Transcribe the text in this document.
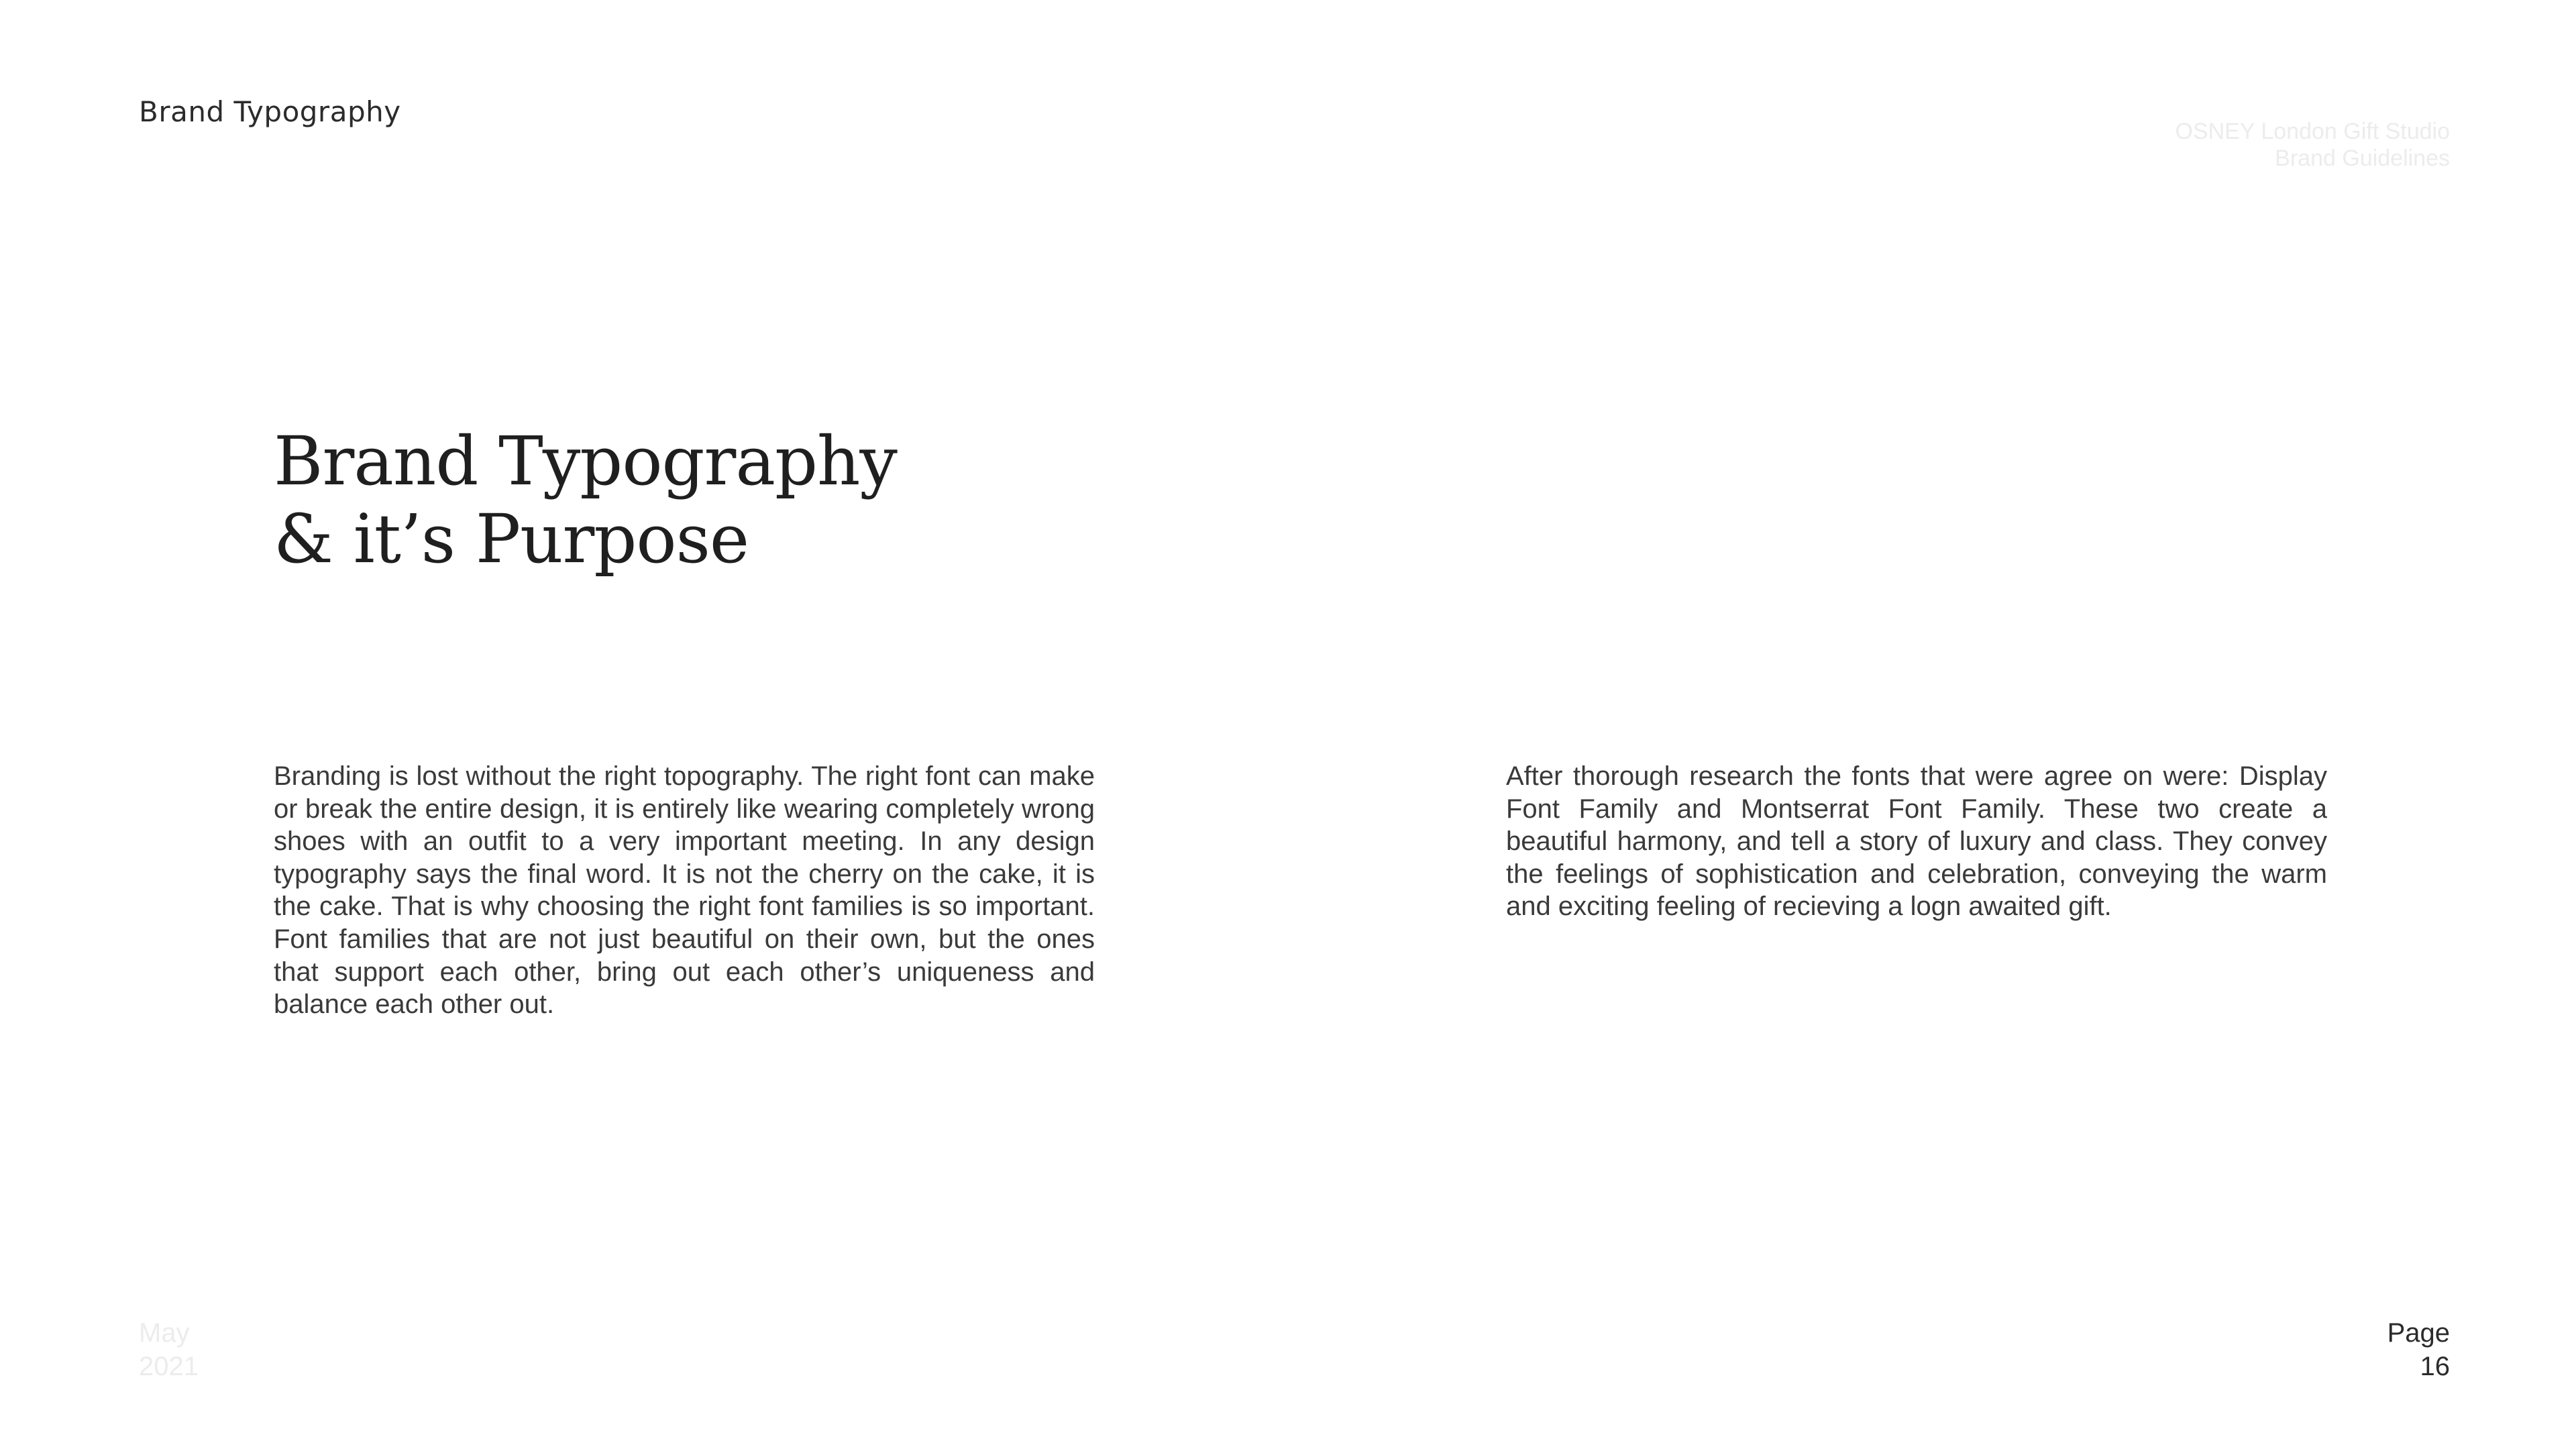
Brand Typography
OSNEY London Gift Studio
Brand Guidelines
Brand Typography
& it’s Purpose

Branding is lost without the right topography. The right font can make or break the entire design, it is entirely like wearing completely wrong shoes with an outfit to a very important meeting. In any design typography says the final word. It is not the cherry on the cake, it is the cake. That is why choosing the right font families is so important. Font families that are not just beautiful on their own, but the ones that support each other, bring out each other’s uniqueness and balance each other out.

After thorough research the fonts that were agree on were: Display Font Family and Montserrat Font Family. These two create a beautiful harmony, and tell a story of luxury and class. They convey the feelings of sophistication and celebration, conveying the warm and exciting feeling of recieving a logn awaited gift.

May
2021
Page
16
